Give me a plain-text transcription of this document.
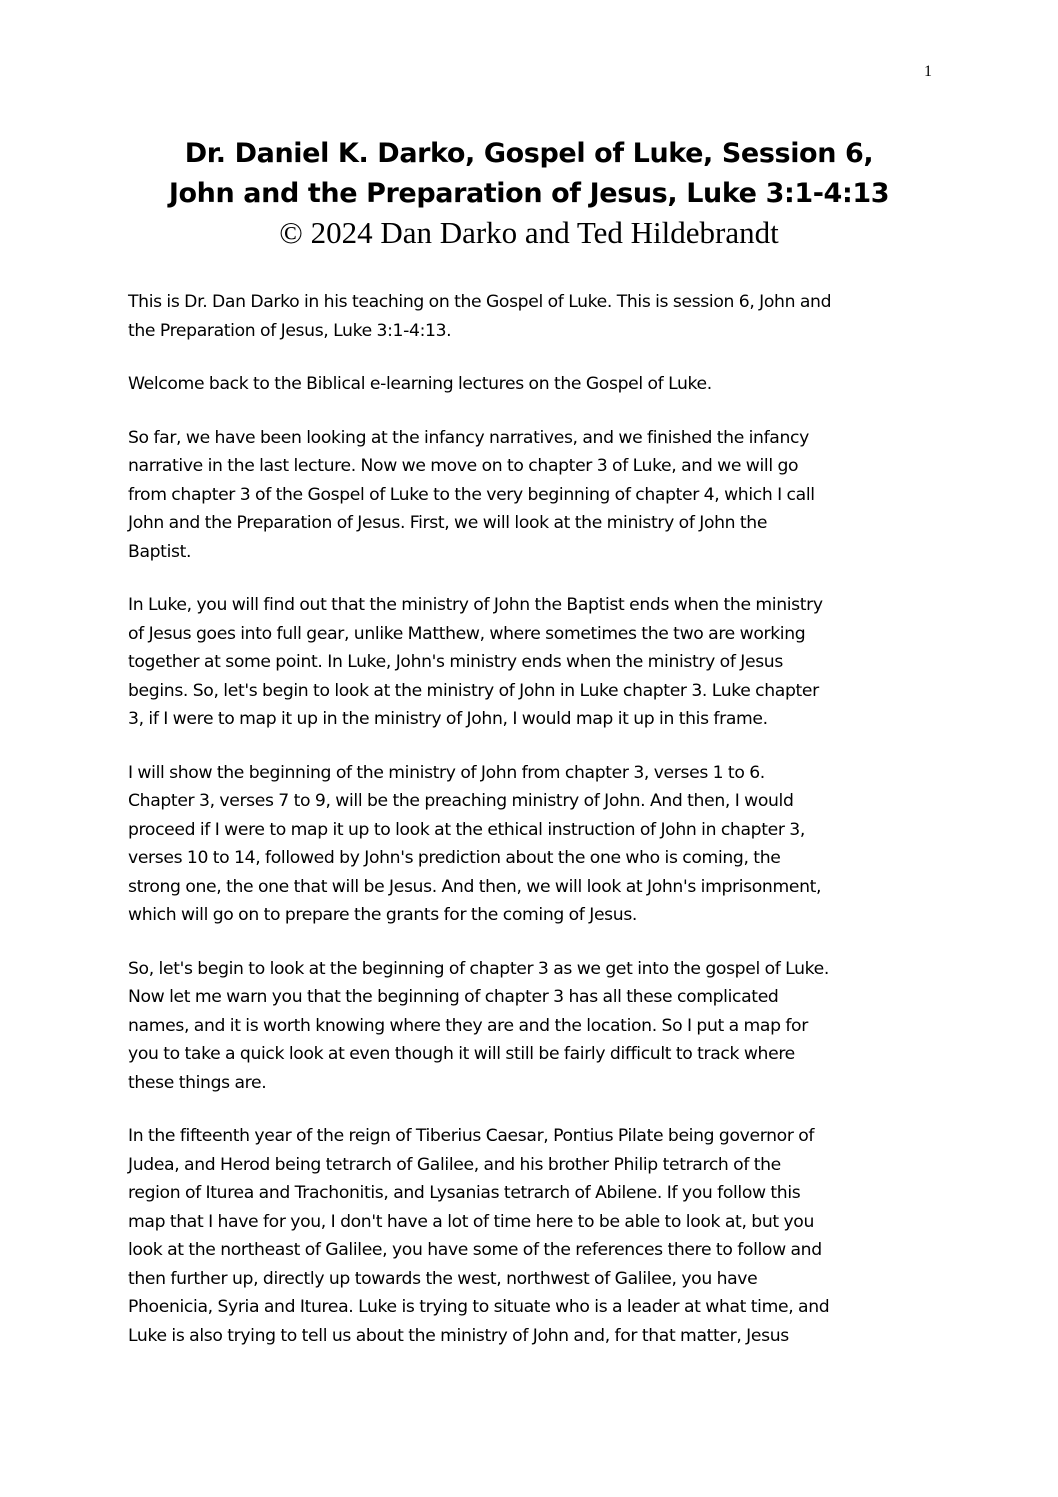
1
Dr. Daniel K. Darko, Gospel of Luke, Session 6,
John and the Preparation of Jesus, Luke 3:1-4:13
© 2024 Dan Darko and Ted Hildebrandt

This is Dr. Dan Darko in his teaching on the Gospel of Luke. This is session 6, John and
the Preparation of Jesus, Luke 3:1-4:13.

Welcome back to the Biblical e-learning lectures on the Gospel of Luke.

So far, we have been looking at the infancy narratives, and we finished the infancy
narrative in the last lecture. Now we move on to chapter 3 of Luke, and we will go
from chapter 3 of the Gospel of Luke to the very beginning of chapter 4, which I call
John and the Preparation of Jesus. First, we will look at the ministry of John the
Baptist.

In Luke, you will find out that the ministry of John the Baptist ends when the ministry
of Jesus goes into full gear, unlike Matthew, where sometimes the two are working
together at some point. In Luke, John's ministry ends when the ministry of Jesus
begins. So, let's begin to look at the ministry of John in Luke chapter 3. Luke chapter
3, if I were to map it up in the ministry of John, I would map it up in this frame.

I will show the beginning of the ministry of John from chapter 3, verses 1 to 6.
Chapter 3, verses 7 to 9, will be the preaching ministry of John. And then, I would
proceed if I were to map it up to look at the ethical instruction of John in chapter 3,
verses 10 to 14, followed by John's prediction about the one who is coming, the
strong one, the one that will be Jesus. And then, we will look at John's imprisonment,
which will go on to prepare the grants for the coming of Jesus.

So, let's begin to look at the beginning of chapter 3 as we get into the gospel of Luke.
Now let me warn you that the beginning of chapter 3 has all these complicated
names, and it is worth knowing where they are and the location. So I put a map for
you to take a quick look at even though it will still be fairly difficult to track where
these things are.

In the fifteenth year of the reign of Tiberius Caesar, Pontius Pilate being governor of
Judea, and Herod being tetrarch of Galilee, and his brother Philip tetrarch of the
region of Iturea and Trachonitis, and Lysanias tetrarch of Abilene. If you follow this
map that I have for you, I don't have a lot of time here to be able to look at, but you
look at the northeast of Galilee, you have some of the references there to follow and
then further up, directly up towards the west, northwest of Galilee, you have
Phoenicia, Syria and Iturea. Luke is trying to situate who is a leader at what time, and
Luke is also trying to tell us about the ministry of John and, for that matter, Jesus
